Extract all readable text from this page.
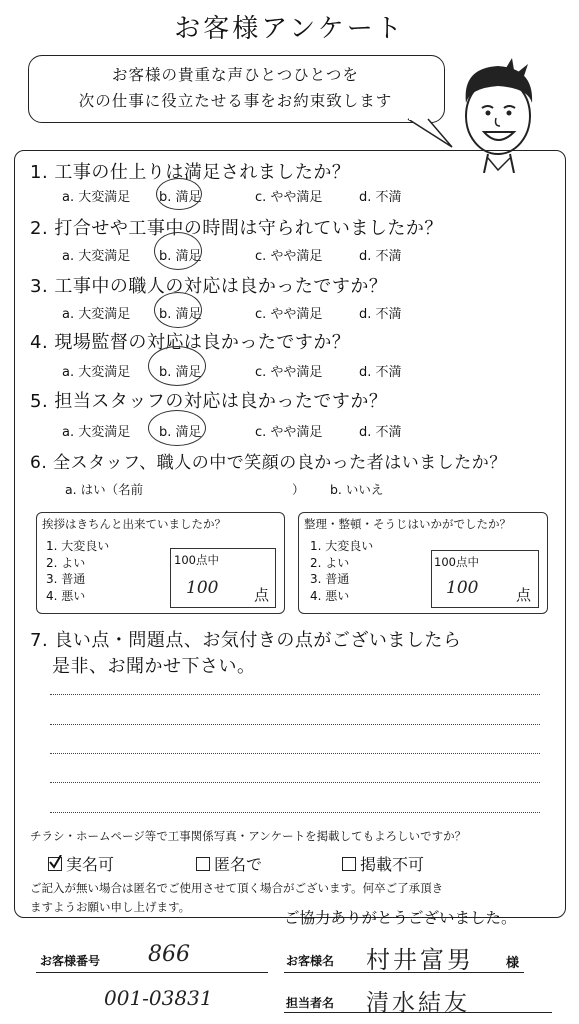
お客様アンケート
お客様の貴重な声ひとつひとつを
次の仕事に役立たせる事をお約束致します
1. 工事の仕上りは満足されましたか？
a. 大変満足	b. 満足	c. やや満足	d. 不満
2. 打合せや工事中の時間は守られていましたか？
a. 大変満足	b. 満足	c. やや満足	d. 不満
3. 工事中の職人の対応は良かったですか？
a. 大変満足	b. 満足	c. やや満足	d. 不満
4. 現場監督の対応は良かったですか？
a. 大変満足	b. 満足	c. やや満足	d. 不満
5. 担当スタッフの対応は良かったですか？
a. 大変満足	b. 満足	c. やや満足	d. 不満
6. 全スタッフ、職人の中で笑顔の良かった者はいましたか？
a. はい（名前	） b. いいえ
挨拶はきちんと出来ていましたか？
1. 大変良い
2. よい
3. 普通
4. 悪い
100点中
100 点
整理・整頓・そうじはいかがでしたか？
1. 大変良い
2. よい
3. 普通
4. 悪い
100点中
100	点
7. 良い点・問題点、お気付きの点がございましたら
是非、お聞かせ下さい。
チラシ・ホームページ等で工事関係写真・アンケートを掲載してもよろしいですか？
実名可	匿名で	掲載不可
ご記入が無い場合は匿名でご使用させて頂く場合がございます。何卒ご了承頂き
ますようお願い申し上げます。
ご協力ありがとうございました。
お客様番号 866	お客様名 村井富男 様
001-03831	担当者名 清水結友
